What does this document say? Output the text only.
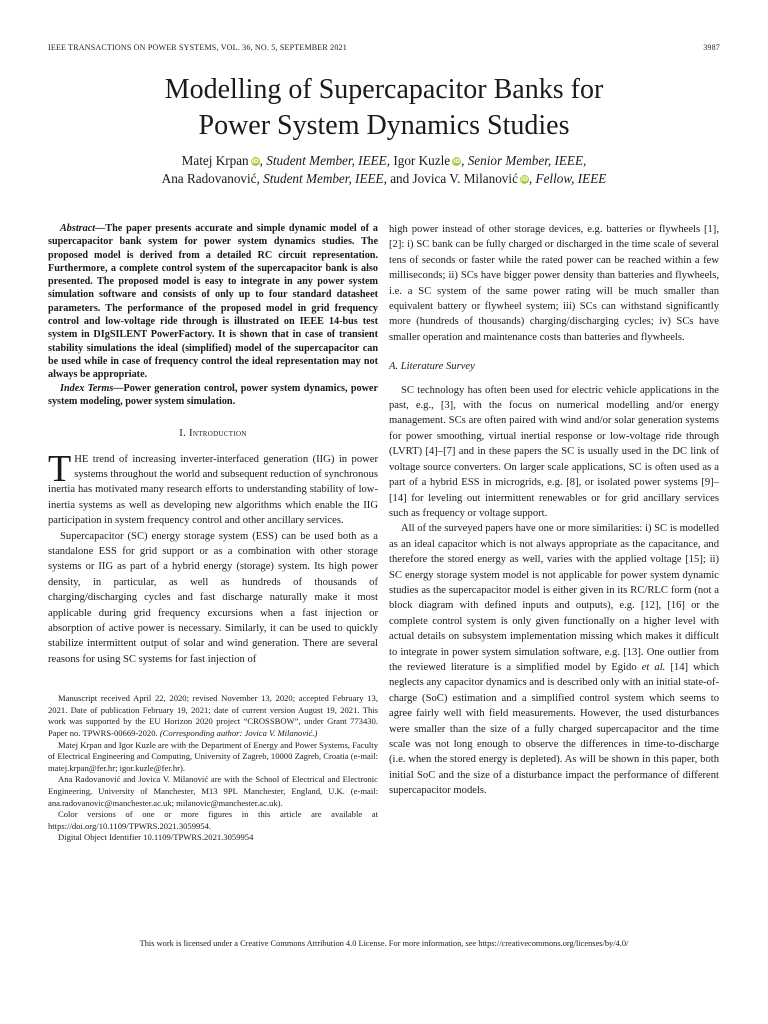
IEEE TRANSACTIONS ON POWER SYSTEMS, VOL. 36, NO. 5, SEPTEMBER 2021	3987
Modelling of Supercapacitor Banks for
Power System Dynamics Studies
Matej Krpan iD, Student Member, IEEE, Igor Kuzle iD, Senior Member, IEEE,
Ana Radovanović, Student Member, IEEE, and Jovica V. Milanović iD, Fellow, IEEE

Abstract—The paper presents accurate and simple dynamic model of a supercapacitor bank system for power system dynamics studies. The proposed model is derived from a detailed RC circuit representation. Furthermore, a complete control system of the supercapacitor bank is also presented. The proposed model is easy to integrate in any power system simulation software and consists of only up to four standard datasheet parameters. The performance of the proposed model in grid frequency control and low-voltage ride through is illustrated on IEEE 14-bus test system in DIgSILENT PowerFactory. It is shown that in case of transient stability simulations the ideal (simplified) model of the supercapacitor can be used while in case of frequency control the ideal representation may not always be appropriate.

Index Terms—Power generation control, power system dynamics, power system modeling, power system simulation.

I. Introduction

THE trend of increasing inverter-interfaced generation (IIG) in power systems throughout the world and subsequent reduction of synchronous inertia has motivated many research efforts to understanding stability of low-inertia systems as well as developing new algorithms which enable the IIG participation in system frequency control and other ancillary services.

Supercapacitor (SC) energy storage system (ESS) can be used both as a standalone ESS for grid support or as a combination with other storage systems or IIG as part of a hybrid energy (storage) system. Its high power density, in particular, as well as hundreds of thousands of charging/discharging cycles and fast discharge naturally make it most applicable during grid frequency excursions when a fast injection or absorption of active power is necessary. Similarly, it can be used to quickly stabilize intermittent output of solar and wind generation. There are several reasons for using SC systems for fast injection of

Manuscript received April 22, 2020; revised November 13, 2020; accepted February 13, 2021. Date of publication February 19, 2021; date of current version August 19, 2021. This work was supported by the EU Horizon 2020 project “CROSSBOW”, under Grant 773430. Paper no. TPWRS-00669-2020. (Corresponding author: Jovica V. Milanović.)

Matej Krpan and Igor Kuzle are with the Department of Energy and Power Systems, Faculty of Electrical Engineering and Computing, University of Zagreb, 10000 Zagreb, Croatia (e-mail: matej.krpan@fer.hr; igor.kuzle@fer.hr).

Ana Radovanović and Jovica V. Milanović are with the School of Electrical and Electronic Engineering, University of Manchester, M13 9PL Manchester, England, U.K. (e-mail: ana.radovanovic@manchester.ac.uk; milanovic@manchester.ac.uk).

Color versions of one or more figures in this article are available at https://doi.org/10.1109/TPWRS.2021.3059954.

Digital Object Identifier 10.1109/TPWRS.2021.3059954

high power instead of other storage devices, e.g. batteries or flywheels [1], [2]: i) SC bank can be fully charged or discharged in the time scale of several tens of seconds or faster while the rated power can be reached within a few milliseconds; ii) SCs have bigger power density than batteries and flywheels, i.e. a SC system of the same power rating will be much smaller than equivalent battery or flywheel system; iii) SCs can withstand significantly more (hundreds of thousands) charging/discharging cycles; iv) SCs have smaller operation and maintenance costs than batteries and flywheels.

A. Literature Survey

SC technology has often been used for electric vehicle applications in the past, e.g., [3], with the focus on numerical modelling and/or energy management. SCs are often paired with wind and/or solar generation systems for power smoothing, virtual inertial response or low-voltage ride through (LVRT) [4]–[7] and in these papers the SC is usually used in the DC link of voltage source converters. On larger scale applications, SC is often used as a part of a hybrid ESS in microgrids, e.g. [8], or isolated power systems [9]–[14] for leveling out intermittent renewables or for grid ancillary services such as frequency or voltage support.

All of the surveyed papers have one or more similarities: i) SC is modelled as an ideal capacitor which is not always appropriate as the capacitance, and therefore the stored energy as well, varies with the applied voltage [15]; ii) SC energy storage system model is not applicable for power system dynamic studies as the supercapacitor model is either given in its RC/RLC form (not a block diagram with defined inputs and outputs), e.g. [12], [16] or the complete control system is only given functionally on a higher level with actual details on subsystem implementation missing which makes it difficult to integrate in power system simulation software, e.g. [13]. One outlier from the reviewed literature is a simplified model by Egido et al. [14] which neglects any capacitor dynamics and is described only with an initial state-of-charge (SoC) estimation and a simplified control system which seems to agree fairly well with field measurements. However, the used disturbances were smaller than the size of a fully charged supercapacitor and the time scale was not long enough to observe the differences in time-to-discharge (i.e. when the stored energy is depleted). As will be shown in this paper, both initial SoC and the size of a disturbance impact the performance of different supercapacitor models.

This work is licensed under a Creative Commons Attribution 4.0 License. For more information, see https://creativecommons.org/licenses/by/4.0/
